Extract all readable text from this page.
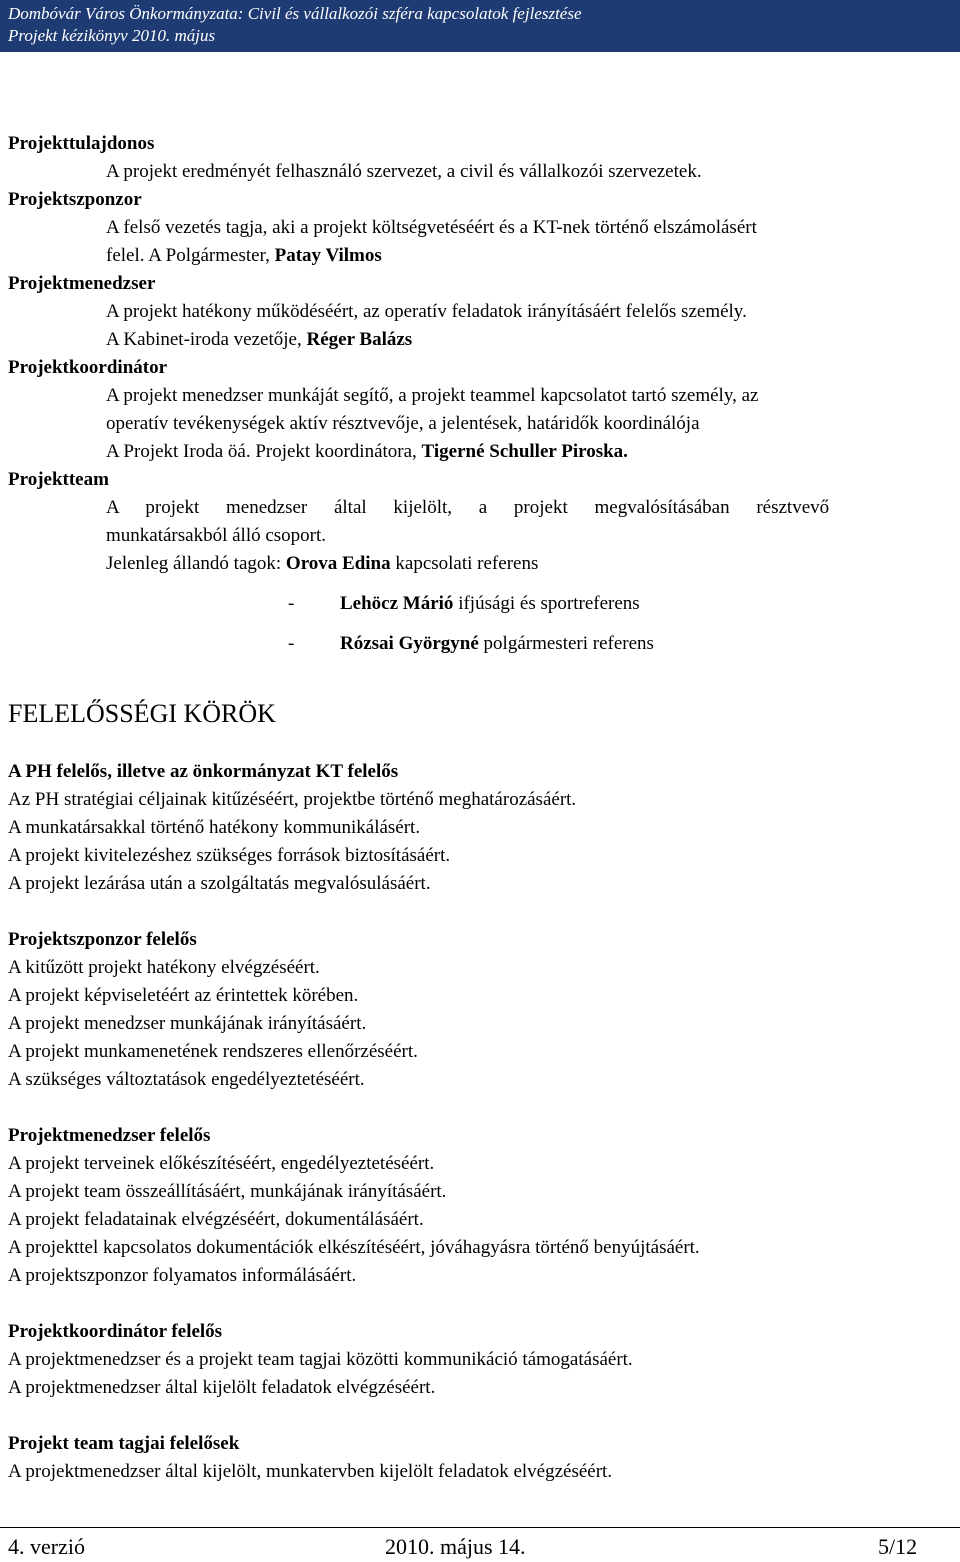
Dombóvár Város Önkormányzata: Civil és vállalkozói szféra kapcsolatok fejlesztése
Projekt kézikönyv 2010. május
Projekttulajdonos
A projekt eredményét felhasználó szervezet, a civil és vállalkozói szervezetek.
Projektszponzor
A felső vezetés tagja, aki a projekt költségvetéséért és a KT-nek történő elszámolásért
felel. A Polgármester, Patay Vilmos
Projektmenedzser
A projekt hatékony működéséért, az operatív feladatok irányításáért felelős személy.
A Kabinet-iroda vezetője, Réger Balázs
Projektkoordinátor
A projekt menedzser munkáját segítő, a projekt teammel kapcsolatot tartó személy, az
operatív tevékenységek aktív résztvevője, a jelentések, határidők koordinálója
A Projekt Iroda öá. Projekt koordinátora, Tigerné Schuller Piroska.
Projektteam
A projekt menedzser által kijelölt, a projekt megvalósításában résztvevő
munkatársakból álló csoport.
Jelenleg állandó tagok: Orova Edina kapcsolati referens
- Lehöcz Márió ifjúsági és sportreferens
- Rózsai Györgyné polgármesteri referens
FELELŐSSÉGI KÖRÖK
A PH felelős, illetve az önkormányzat KT felelős
Az PH stratégiai céljainak kitűzéséért, projektbe történő meghatározásáért.
A munkatársakkal történő hatékony kommunikálásért.
A projekt kivitelezéshez szükséges források biztosításáért.
A projekt lezárása után a szolgáltatás megvalósulásáért.
Projektszponzor felelős
A kitűzött projekt hatékony elvégzéséért.
A projekt képviseletéért az érintettek körében.
A projekt menedzser munkájának irányításáért.
A projekt munkamenetének rendszeres ellenőrzéséért.
A szükséges változtatások engedélyeztetéséért.
Projektmenedzser felelős
A projekt terveinek előkészítéséért, engedélyeztetéséért.
A projekt team összeállításáért, munkájának irányításáért.
A projekt feladatainak elvégzéséért, dokumentálásáért.
A projekttel kapcsolatos dokumentációk elkészítéséért, jóváhagyásra történő benyújtásáért.
A projektszponzor folyamatos informálásáért.
Projektkoordinátor felelős
A projektmenedzser és a projekt team tagjai közötti kommunikáció támogatásáért.
A projektmenedzser által kijelölt feladatok elvégzéséért.
Projekt team tagjai felelősek
A projektmenedzser által kijelölt, munkatervben kijelölt feladatok elvégzéséért.
4. verzió	2010. május 14.	5/12
